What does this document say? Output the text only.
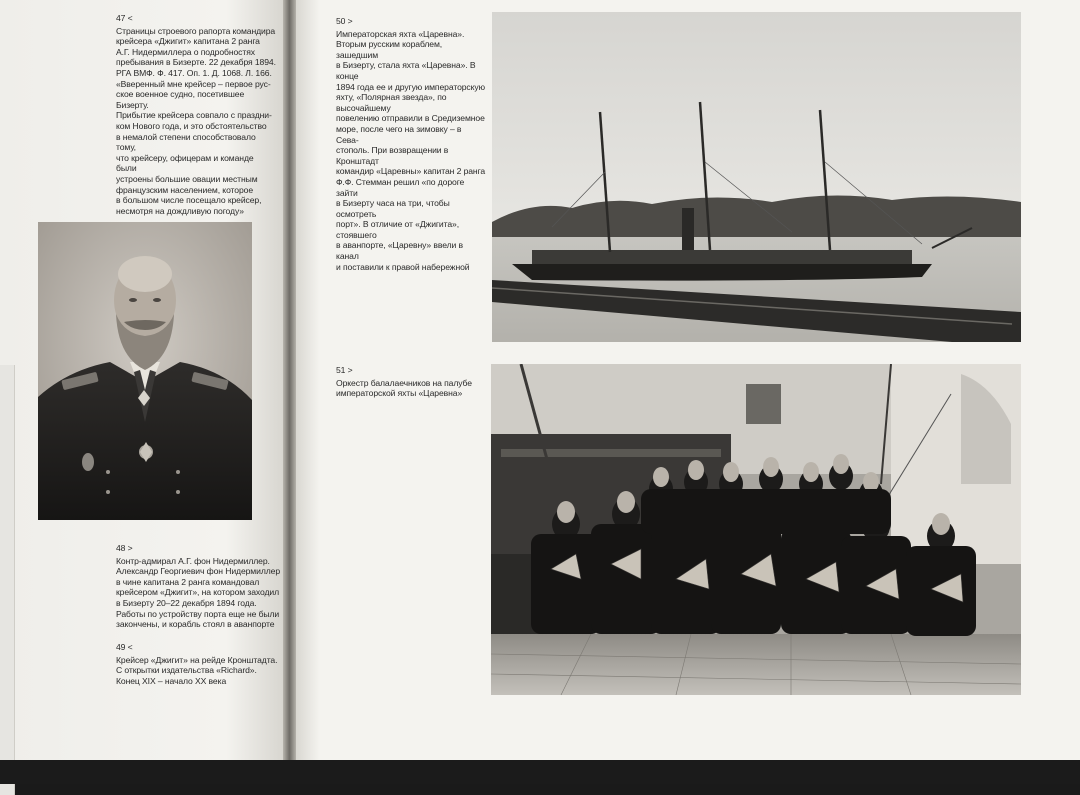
47 <

Страницы строевого рапорта командира

крейсера «Джигит» капитана 2 ранга

А.Г. Нидермиллера о подробностях

пребывания в Бизерте. 22 декабря 1894.

РГА ВМФ. Ф. 417. Оп. 1. Д. 1068. Л. 166.

«Вверенный мне крейсер – первое рус-

ское военное судно, посетившее Бизерту.

Прибытие крейсера совпало с праздни-

ком Нового года, и это обстоятельство

в немалой степени способствовало тому,

что крейсеру, офицерам и команде были

устроены большие овации местным

французским населением, которое

в большом числе посещало крейсер,

несмотря на дождливую погоду»

48 >

Контр-адмирал А.Г. фон Нидермиллер.

Александр Георгиевич фон Нидермиллер

в чине капитана 2 ранга командовал

крейсером «Джигит», на котором заходил

в Бизерту 20–22 декабря 1894 года.

Работы по устройству порта еще не были

закончены, и корабль стоял в аванпорте

49 <

Крейсер «Джигит» на рейде Кронштадта.

С открытки издательства «Richard».

Конец XIX – начало XX века

50 >

Императорская яхта «Царевна».

Вторым русским кораблем, зашедшим

в Бизерту, стала яхта «Царевна». В конце

1894 года ее и другую императорскую

яхту, «Полярная звезда», по высочайшему

повелению отправили в Средиземное

море, после чего на зимовку – в Сева-

стополь. При возвращении в Кронштадт

командир «Царевны» капитан 2 ранга

Ф.Ф. Стемман решил «по дороге зайти

в Бизерту часа на три, чтобы осмотреть

порт». В отличие от «Джигита», стоявшего

в аванпорте, «Царевну» ввели в канал

и поставили к правой набережной

51 >

Оркестр балалаечников на палубе

императорской яхты «Царевна»
